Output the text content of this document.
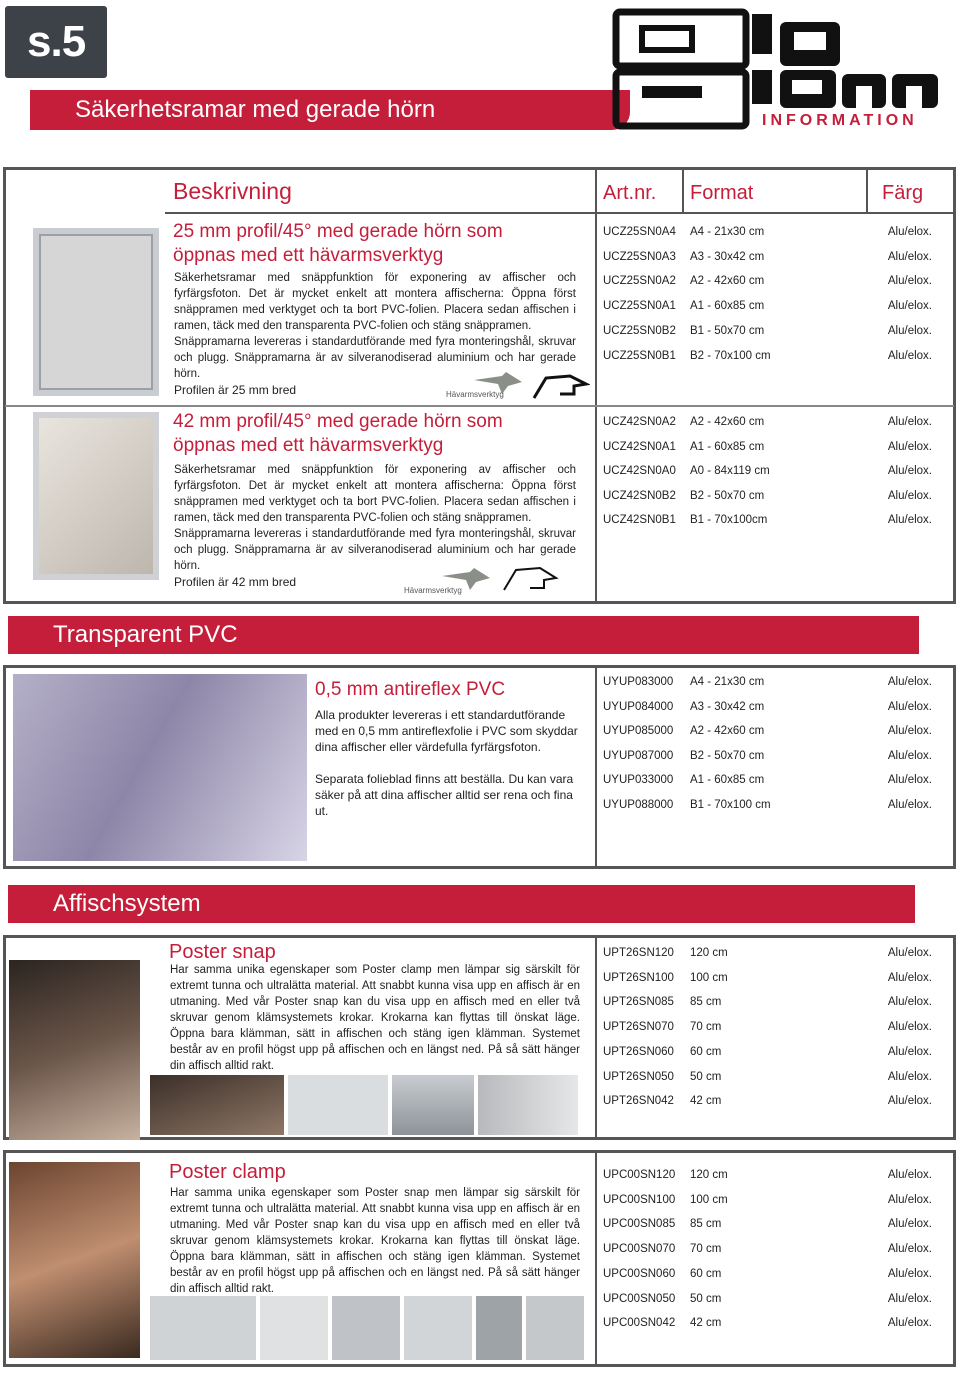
s.5
Säkerhetsramar med gerade hörn	INFORMATION
Beskrivning	Art.nr. Format	Färg
25 mm profil/45° med gerade hörn som öppnas med ett hävarmsverktyg
Säkerhetsramar med snäppfunktion för exponering av affischer och fyrfärgsfoton. Det är mycket enkelt att montera affischerna: Öppna först snäppramen med verktyget och ta bort PVC-folien. Placera sedan affischen i ramen, täck med den transparenta PVC-folien och stäng snäppramen.
Snäppramarna levereras i standardutförande med fyra monteringshål, skruvar och plugg. Snäppramarna är av silveranodiserad aluminium och har gerade hörn.
Profilen är 25 mm bred	Hävarmsverktyg
UCZ25SN0A4 A4 - 21x30 cm	Alu/elox.
UCZ25SN0A3 A3 - 30x42 cm	Alu/elox.
UCZ25SN0A2 A2 - 42x60 cm	Alu/elox.
UCZ25SN0A1 A1 - 60x85 cm	Alu/elox.
UCZ25SN0B2 B1 - 50x70 cm	Alu/elox.
UCZ25SN0B1 B2 - 70x100 cm	Alu/elox.
42 mm profil/45° med gerade hörn som öppnas med ett hävarmsverktyg
Säkerhetsramar med snäppfunktion för exponering av affischer och fyrfärgsfoton. Det är mycket enkelt att montera affischerna: Öppna först snäppramen med verktyget och ta bort PVC-folien. Placera sedan affischen i ramen, täck med den transparenta PVC-folien och stäng snäppramen.
Snäppramarna levereras i standardutförande med fyra monteringshål, skruvar och plugg. Snäppramarna är av silveranodiserad aluminium och har gerade hörn.
Profilen är 42 mm bred
Hävarmsverktyg
UCZ42SN0A2 A2 - 42x60 cm	Alu/elox.
UCZ42SN0A1 A1 - 60x85 cm	Alu/elox.
UCZ42SN0A0 A0 - 84x119 cm	Alu/elox.
UCZ42SN0B2 B2 - 50x70 cm	Alu/elox.
UCZ42SN0B1 B1 - 70x100cm	Alu/elox.
Transparent PVC
0,5 mm antireflex PVC
Alla produkter levereras i ett standardutförande med en 0,5 mm antireflexfolie i PVC som skyddar dina affischer eller värdefulla fyrfärgsfoton.
Separata folieblad finns att beställa. Du kan vara säker på att dina affischer alltid ser rena och fina ut.
UYUP083000 A4 - 21x30 cm	Alu/elox.
UYUP084000 A3 - 30x42 cm	Alu/elox.
UYUP085000 A2 - 42x60 cm	Alu/elox.
UYUP087000 B2 - 50x70 cm	Alu/elox.
UYUP033000 A1 - 60x85 cm	Alu/elox.
UYUP088000 B1 - 70x100 cm	Alu/elox.
Affischsystem
Poster snap
Har samma unika egenskaper som Poster clamp men lämpar sig särskilt för extremt tunna och ultralätta material. Att snabbt kunna visa upp en affisch är en utmaning. Med vår Poster snap kan du visa upp en affisch med en eller två skruvar genom klämsystemets krokar. Krokarna kan flyttas till önskat läge. Öppna bara klämman, sätt in affischen och stäng igen klämman. Systemet består av en profil högst upp på affischen och en längst ned. På så sätt hänger din affisch alltid rakt.
UPT26SN120 120 cm	Alu/elox.
UPT26SN100 100 cm	Alu/elox.
UPT26SN085 85 cm	Alu/elox.
UPT26SN070 70 cm	Alu/elox.
UPT26SN060 60 cm	Alu/elox.
UPT26SN050 50 cm	Alu/elox.
UPT26SN042 42 cm	Alu/elox.
Poster clamp
Har samma unika egenskaper som Poster snap men lämpar sig särskilt för extremt tunna och ultralätta material. Att snabbt kunna visa upp en affisch är en utmaning. Med vår Poster snap kan du visa upp en affisch med en eller två skruvar genom klämsystemets krokar. Krokarna kan flyttas till önskat läge. Öppna bara klämman, sätt in affischen och stäng igen klämman. Systemet består av en profil högst upp på affischen och en längst ned. På så sätt hänger din affisch alltid rakt.
UPC00SN120 120 cm	Alu/elox.
UPC00SN100 100 cm	Alu/elox.
UPC00SN085 85 cm	Alu/elox.
UPC00SN070 70 cm	Alu/elox.
UPC00SN060 60 cm	Alu/elox.
UPC00SN050 50 cm	Alu/elox.
UPC00SN042 42 cm	Alu/elox.
